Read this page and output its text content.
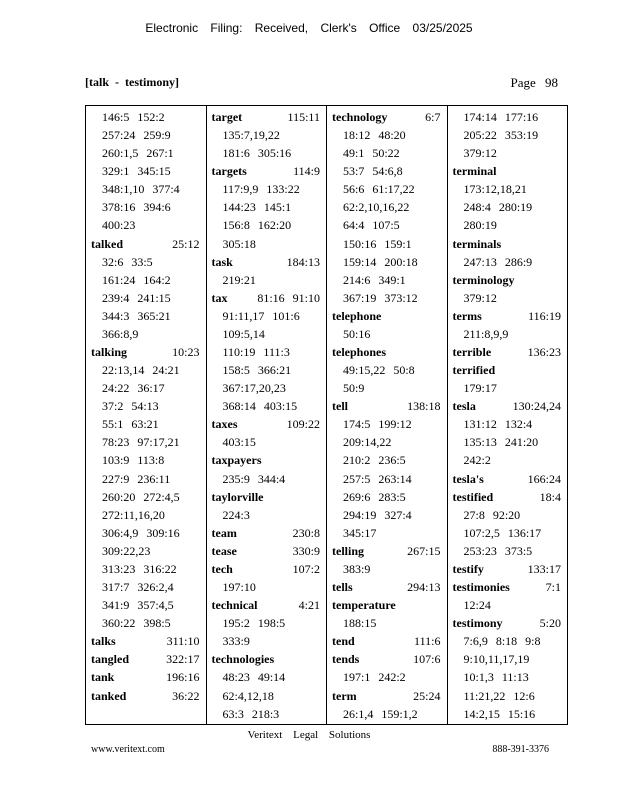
Electronic Filing: Received, Clerk's Office 03/25/2025
[talk - testimony]	Page 98
146:5 152:2
257:24 259:9
260:1,5 267:1
329:1 345:15
348:1,10 377:4
378:16 394:6
400:23
talked	25:12
32:6 33:5
161:24 164:2
239:4 241:15
344:3 365:21
366:8,9
talking	10:23
22:13,14 24:21
24:22 36:17
37:2 54:13
55:1 63:21
78:23 97:17,21
103:9 113:8
227:9 236:11
260:20 272:4,5
272:11,16,20
306:4,9 309:16
309:22,23
313:23 316:22
317:7 326:2,4
341:9 357:4,5
360:22 398:5
talks	311:10
tangled	322:17
tank	196:16
tanked	36:22
target	115:11
135:7,19,22
181:6 305:16
targets	114:9
117:9,9 133:22
144:23 145:1
156:8 162:20
305:18
task	184:13
219:21
tax 81:16 91:10
91:11,17 101:6
109:5,14
110:19 111:3
158:5 366:21
367:17,20,23
368:14 403:15
taxes	109:22
403:15
taxpayers
235:9 344:4
taylorville
224:3
team	230:8
tease	330:9
tech	107:2
197:10
technical	4:21
195:2 198:5
333:9
technologies
48:23 49:14
62:4,12,18
63:3 218:3
technology	6:7
18:12 48:20
49:1 50:22
53:7 54:6,8
56:6 61:17,22
62:2,10,16,22
64:4 107:5
150:16 159:1
159:14 200:18
214:6 349:1
367:19 373:12
telephone
50:16
telephones
49:15,22 50:8
50:9
tell	138:18
174:5 199:12
209:14,22
210:2 236:5
257:5 263:14
269:6 283:5
294:19 327:4
345:17
telling	267:15
383:9
tells	294:13
temperature
188:15
tend	111:6
tends	107:6
197:1 242:2
term	25:24
26:1,4 159:1,2
174:14 177:16
205:22 353:19
379:12
terminal
173:12,18,21
248:4 280:19
280:19
terminals
247:13 286:9
terminology
379:12
terms	116:19
211:8,9,9
terrible	136:23
terrified
179:17
tesla	130:24,24
131:12 132:4
135:13 241:20
242:2
tesla's	166:24
testified	18:4
27:8 92:20
107:2,5 136:17
253:23 373:5
testify	133:17
testimonies	7:1
12:24
testimony	5:20
7:6,9 8:18 9:8
9:10,11,17,19
10:1,3 11:13
11:21,22 12:6
14:2,15 15:16
Veritext Legal Solutions
www.veritext.com	888-391-3376
